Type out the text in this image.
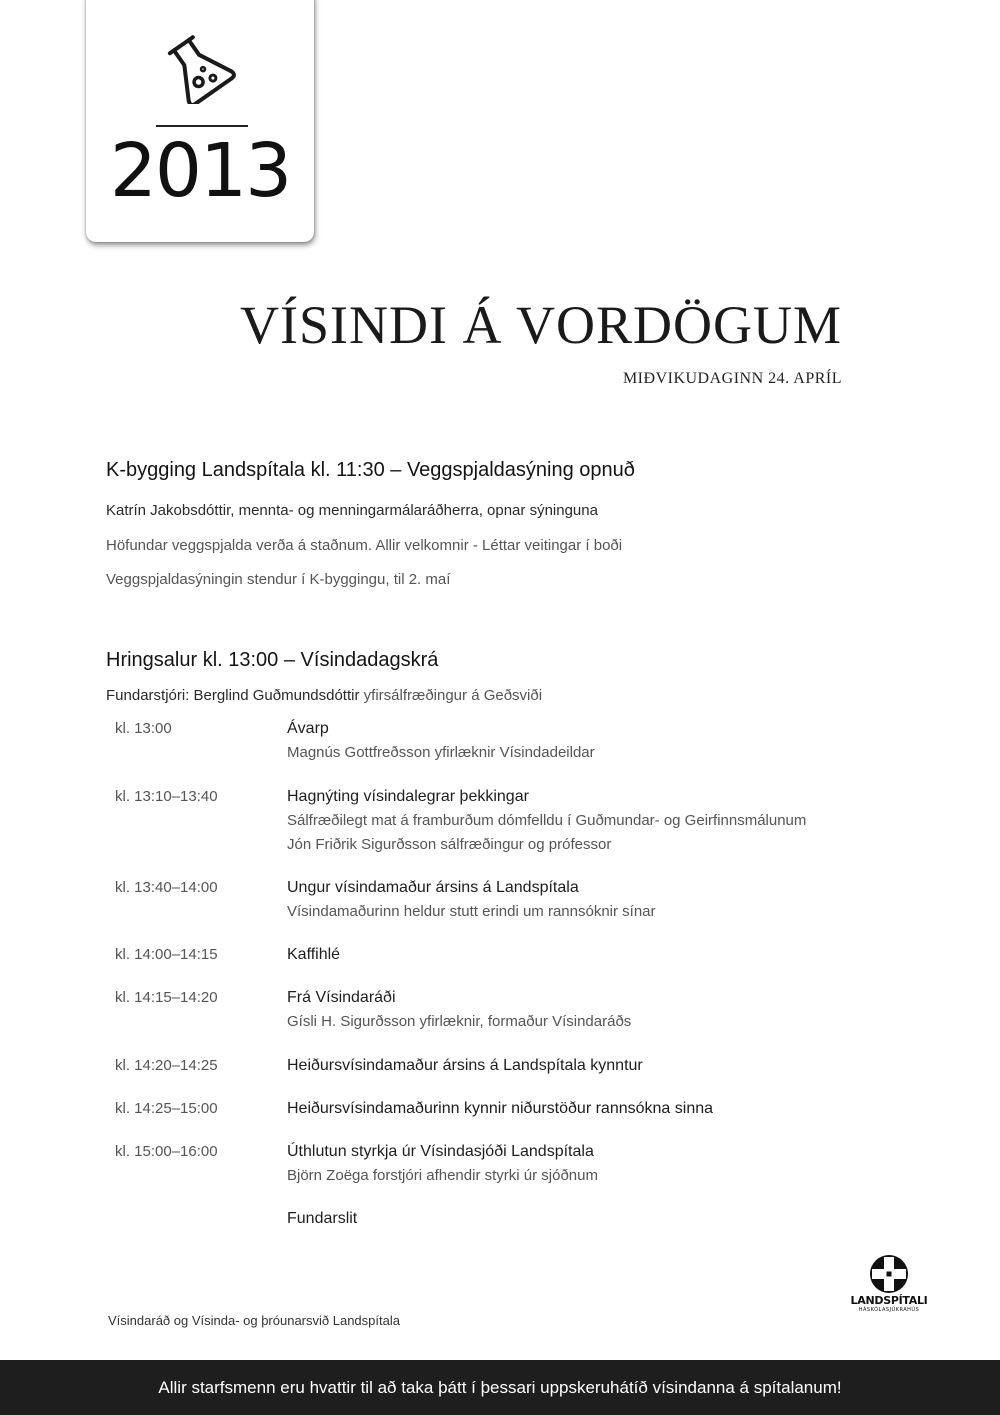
2013
VÍSINDI Á VORDÖGUM
MIÐVIKUDAGINN 24. APRÍL
K-bygging Landspítala kl. 11:30 – Veggspjaldasýning opnuð
Katrín Jakobsdóttir, mennta- og menningarmálaráðherra, opnar sýninguna
Höfundar veggspjalda verða á staðnum. Allir velkomnir - Léttar veitingar í boði
Veggspjaldasýningin stendur í K-byggingu, til 2. maí
Hringsalur kl. 13:00 – Vísindadagskrá
Fundarstjóri: Berglind Guðmundsdóttir yfirsálfræðingur á Geðsviði
kl. 13:00	Ávarp
Magnús Gottfreðsson yfirlæknir Vísindadeildar
kl. 13:10–13:40	Hagnýting vísindalegrar þekkingar
Sálfræðilegt mat á framburðum dómfelldu í Guðmundar- og Geirfinnsmálunum
Jón Friðrik Sigurðsson sálfræðingur og prófessor
kl. 13:40–14:00	Ungur vísindamaður ársins á Landspítala
Vísindamaðurinn heldur stutt erindi um rannsóknir sínar
kl. 14:00–14:15	Kaffihlé
kl. 14:15–14:20	Frá Vísindaráði
Gísli H. Sigurðsson yfirlæknir, formaður Vísindaráðs
kl. 14:20–14:25	Heiðursvísindamaður ársins á Landspítala kynntur
kl. 14:25–15:00	Heiðursvísindamaðurinn kynnir niðurstöður rannsókna sinna
kl. 15:00–16:00	Úthlutun styrkja úr Vísindasjóði Landspítala
Björn Zoëga forstjóri afhendir styrki úr sjóðnum
Fundarslit
LANDSPÍTALI
HÁSKÓLASJÚKRAHÚS
Vísindaráð og Vísinda- og þróunarsvið Landspítala
Allir starfsmenn eru hvattir til að taka þátt í þessari uppskeruhátíð vísindanna á spítalanum!
